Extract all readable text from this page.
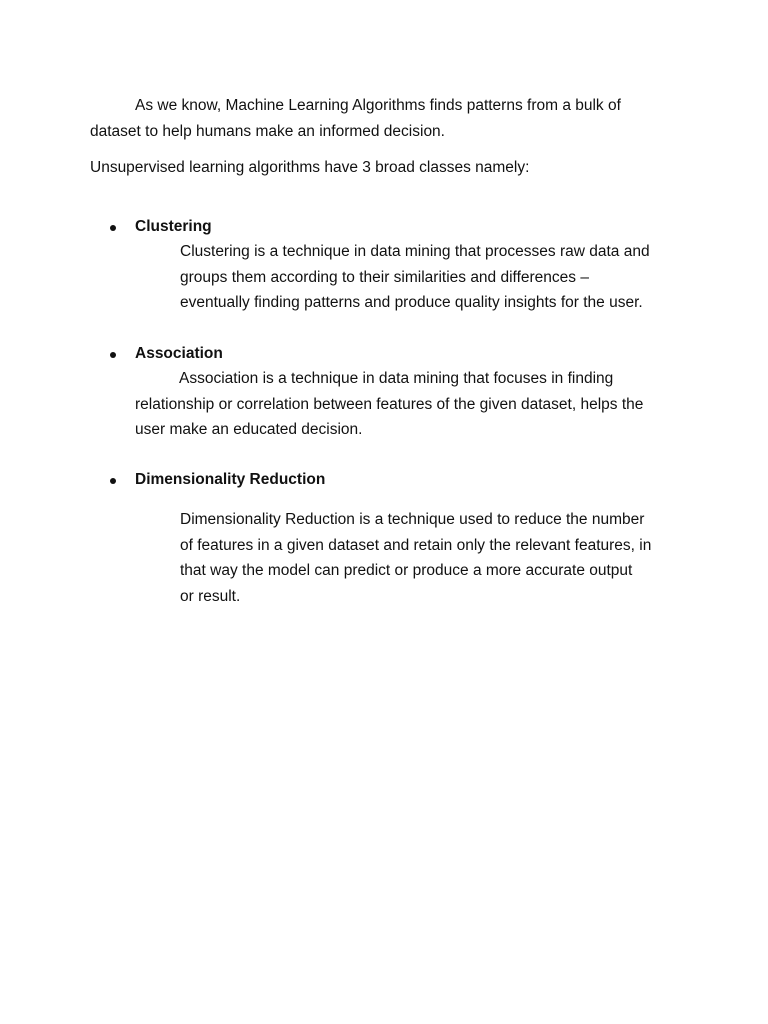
As we know, Machine Learning Algorithms finds patterns from a bulk of
dataset to help humans make an informed decision.

Unsupervised learning algorithms have 3 broad classes namely:

Clustering
Clustering is a technique in data mining that processes raw data and
groups them according to their similarities and differences –
eventually finding patterns and produce quality insights for the user.
Association
Association is a technique in data mining that focuses in finding
relationship or correlation between features of the given dataset, helps the
user make an educated decision.
Dimensionality Reduction
Dimensionality Reduction is a technique used to reduce the number
of features in a given dataset and retain only the relevant features, in
that way the model can predict or produce a more accurate output
or result.
